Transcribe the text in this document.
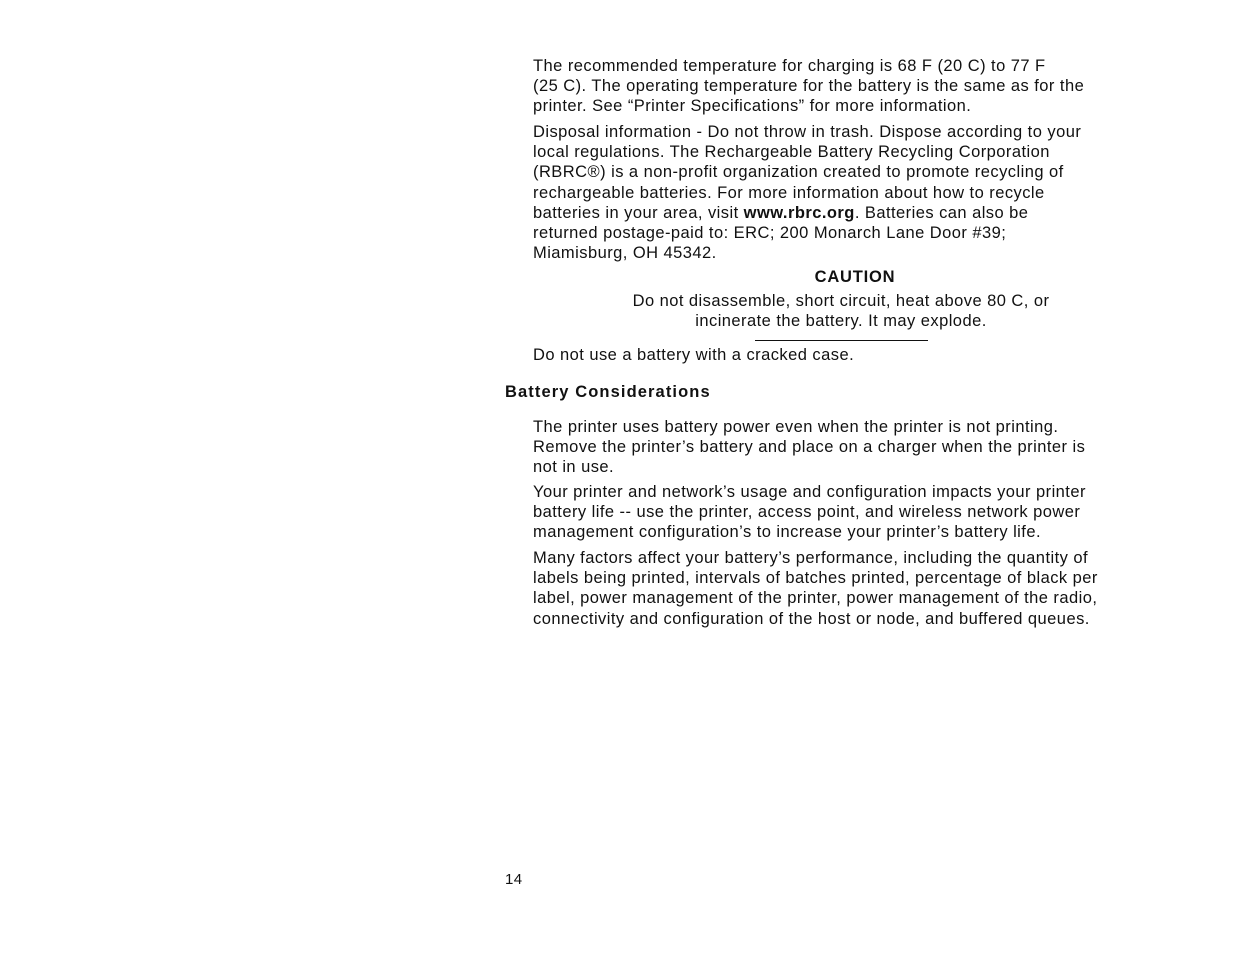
The recommended temperature for charging is 68 F (20 C) to 77 F
(25 C). The operating temperature for the battery is the same as for the
printer. See “Printer Specifications” for more information.

Disposal information - Do not throw in trash. Dispose according to your
local regulations. The Rechargeable Battery Recycling Corporation
(RBRC®) is a non-profit organization created to promote recycling of
rechargeable batteries. For more information about how to recycle
batteries in your area, visit www.rbrc.org. Batteries can also be
returned postage-paid to: ERC; 200 Monarch Lane Door #39;
Miamisburg, OH 45342.

CAUTION
Do not disassemble, short circuit, heat above 80 C, or
incinerate the battery. It may explode.

Do not use a battery with a cracked case.

Battery Considerations

The printer uses battery power even when the printer is not printing.
Remove the printer’s battery and place on a charger when the printer is
not in use.

Your printer and network’s usage and configuration impacts your printer
battery life -- use the printer, access point, and wireless network power
management configuration’s to increase your printer’s battery life.

Many factors affect your battery’s performance, including the quantity of
labels being printed, intervals of batches printed, percentage of black per
label, power management of the printer, power management of the radio,
connectivity and configuration of the host or node, and buffered queues.

14
